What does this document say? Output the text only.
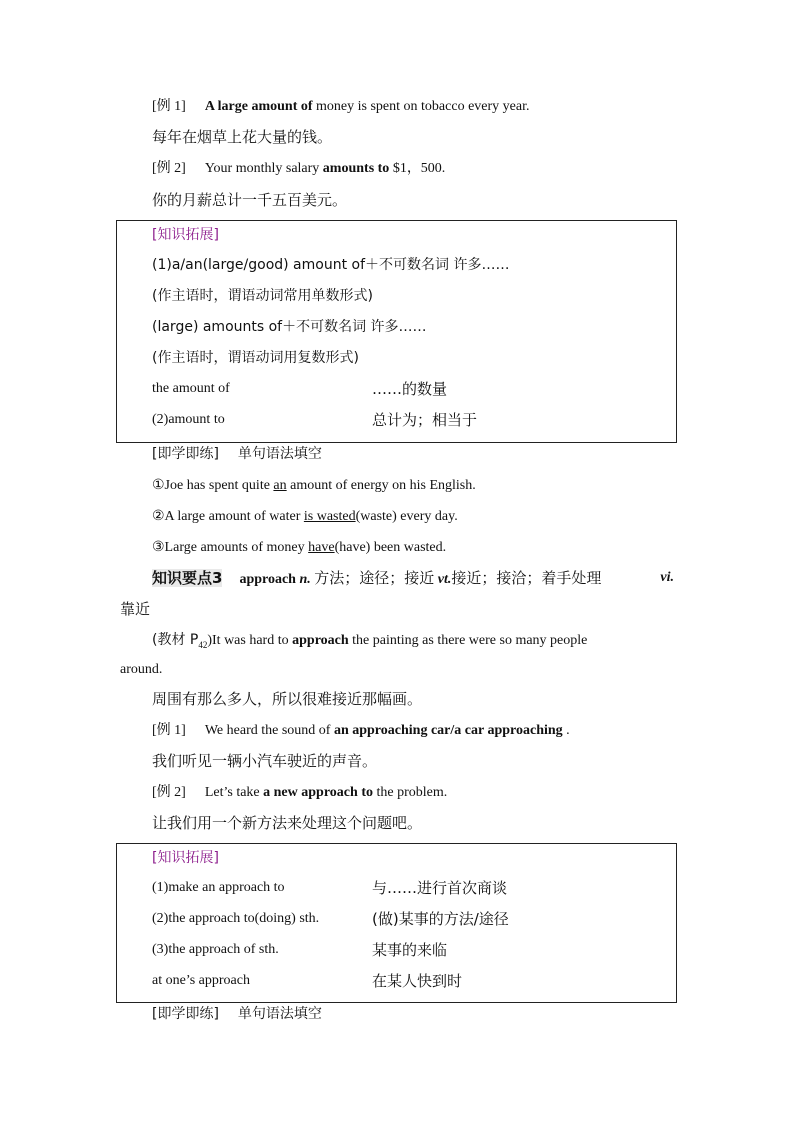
[例 1] A large amount of money is spent on tobacco every year.
每年在烟草上花大量的钱。
[例 2] Your monthly salary amounts to $1，500.
你的月薪总计一千五百美元。
[知识拓展]
(1)a/an(large/good) amount of＋不可数名词 许多……
(作主语时，谓语动词常用单数形式)
(large) amounts of＋不可数名词 许多……
(作主语时，谓语动词用复数形式)
the amount of	……的数量
(2)amount to	总计为；相当于
[即学即练] 单句语法填空
①Joe has spent quite an amount of energy on his English.
②A large amount of water is wasted(waste) every day.
③Large amounts of money have(have) been wasted.
知识要点3 approach n. 方法；途径；接近 vt.接近；接洽；着手处理	vi.
靠近
(教材 $P_{42})It$ was hard to approach the painting as there were so many people
around.
周围有那么多人，所以很难接近那幅画。
[例 1] We heard the sound of an approaching car/a car approaching .
我们听见一辆小汽车驶近的声音。
[例 2] Let’s take a new approach to the problem.
让我们用一个新方法来处理这个问题吧。
[知识拓展]
(1)make an approach to	与……进行首次商谈
(2)the approach to(doing) sth.	(做)某事的方法/途径
(3)the approach of sth.	某事的来临
at one’s approach	在某人快到时
[即学即练] 单句语法填空
